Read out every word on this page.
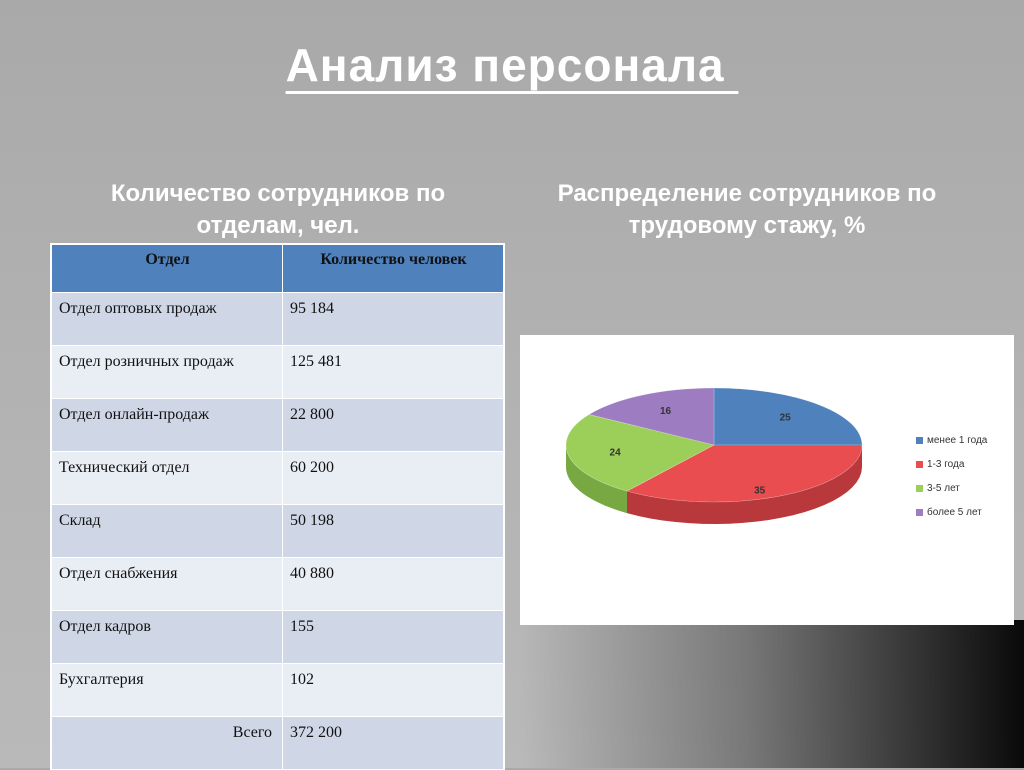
Анализ персонала
Количество сотрудников по
отделам, чел.
Распределение сотрудников по
трудовому стажу, %
Отдел	Количество человек
Отдел оптовых продаж	95 184
Отдел розничных продаж	125 481
Отдел онлайн-продаж	22 800
Технический отдел	60 200
Склад	50 198
Отдел снабжения	40 880
Отдел кадров	155
Бухгалтерия	102
Всего	372 200
25
35
24
16
менее 1 года
1-3 года
3-5 лет
более 5 лет
